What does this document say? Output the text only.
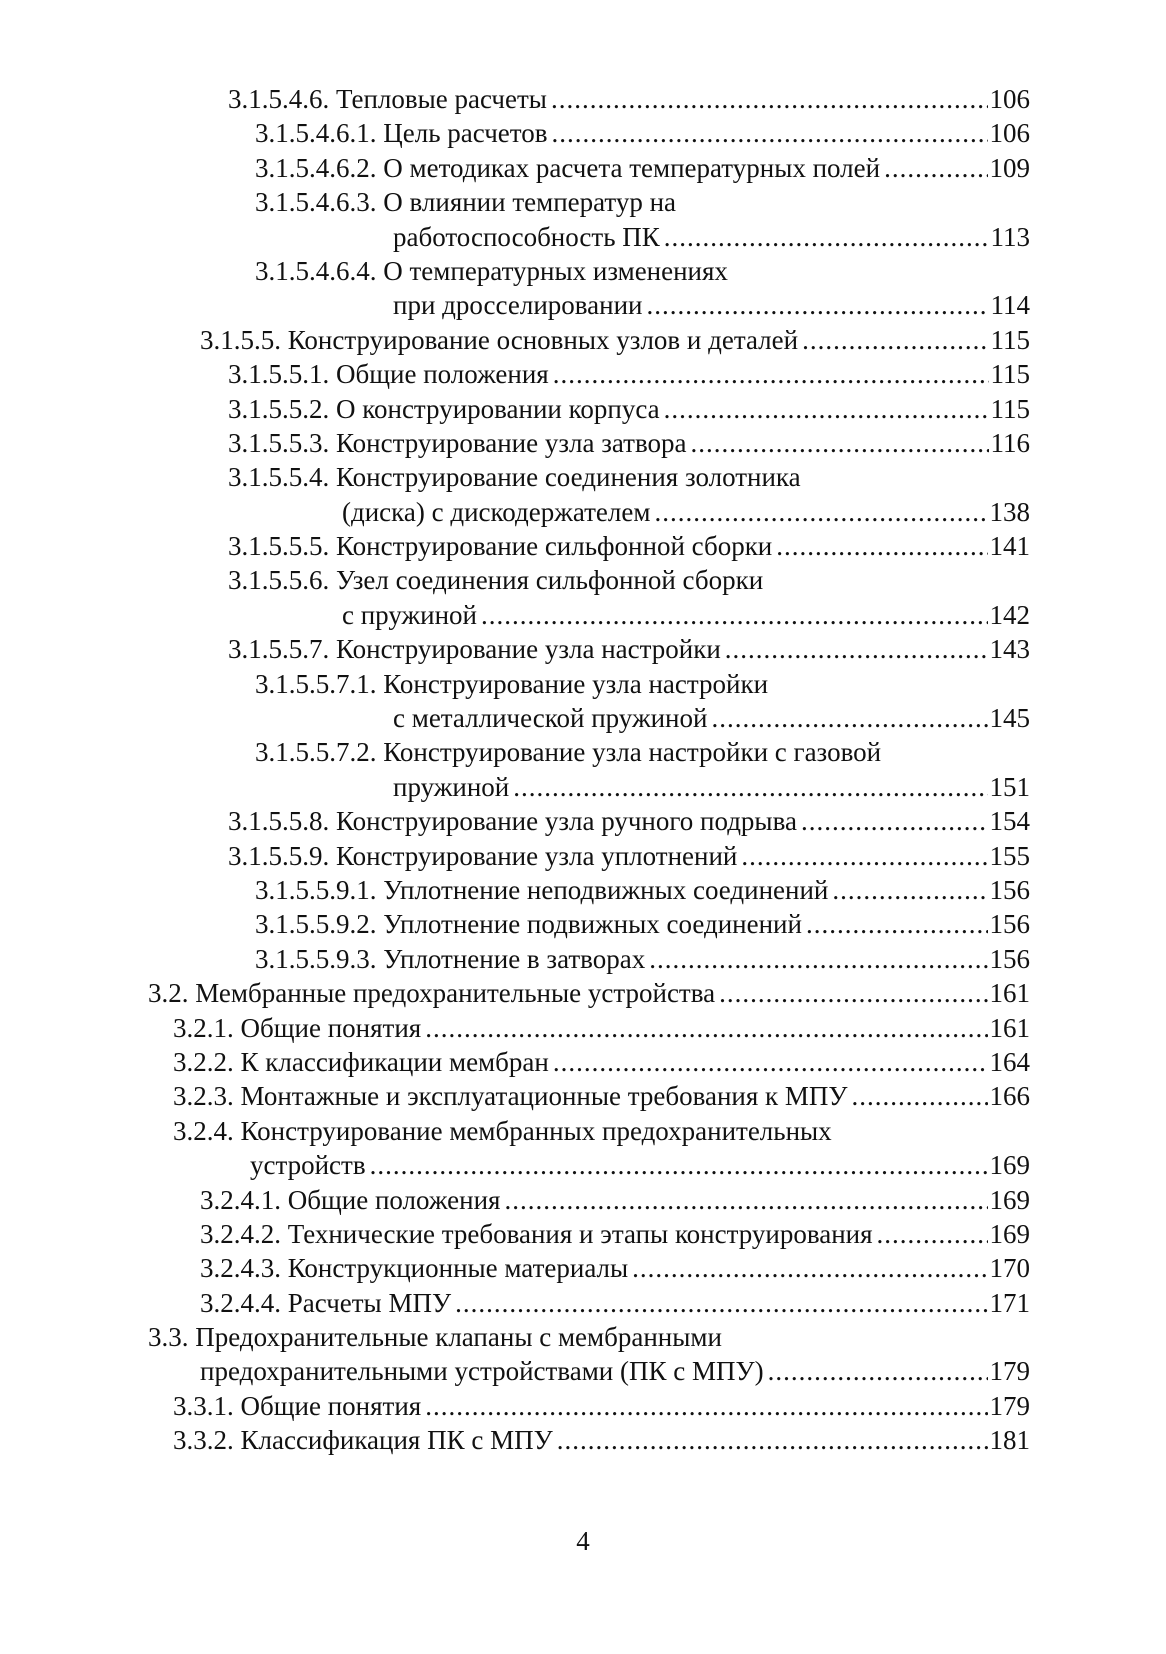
3.1.5.4.6. Тепловые расчеты .....	106
3.1.5.4.6.1. Цель расчетов .....	106
3.1.5.4.6.2. О методиках расчета температурных полей .....	109
3.1.5.4.6.3. О влиянии температур на
работоспособность ПК .....	113
3.1.5.4.6.4. О температурных изменениях
при дросселировании .....	114
3.1.5.5. Конструирование основных узлов и деталей .....	115
3.1.5.5.1. Общие положения .....	115
3.1.5.5.2. О конструировании корпуса .....	115
3.1.5.5.3. Конструирование узла затвора .....	116
3.1.5.5.4. Конструирование соединения золотника
(диска) с дискодержателем .....	138
3.1.5.5.5. Конструирование сильфонной сборки .....	141
3.1.5.5.6. Узел соединения сильфонной сборки
с пружиной .....	142
3.1.5.5.7. Конструирование узла настройки .....	143
3.1.5.5.7.1. Конструирование узла настройки
с металлической пружиной .....	145
3.1.5.5.7.2. Конструирование узла настройки с газовой
пружиной .....	151
3.1.5.5.8. Конструирование узла ручного подрыва .....	154
3.1.5.5.9. Конструирование узла уплотнений .....	155
3.1.5.5.9.1. Уплотнение неподвижных соединений .....	156
3.1.5.5.9.2. Уплотнение подвижных соединений .....	156
3.1.5.5.9.3. Уплотнение в затворах .....	156
3.2. Мембранные предохранительные устройства .....	161
3.2.1. Общие понятия .....	161
3.2.2. К классификации мембран .....	164
3.2.3. Монтажные и эксплуатационные требования к МПУ .....	166
3.2.4. Конструирование мембранных предохранительных
устройств .....	169
3.2.4.1. Общие положения .....	169
3.2.4.2. Технические требования и этапы конструирования .....	169
3.2.4.3. Конструкционные материалы .....	170
3.2.4.4. Расчеты МПУ .....	171
3.3. Предохранительные клапаны с мембранными
предохранительными устройствами (ПК с МПУ) .....	179
3.3.1. Общие понятия .....	179
3.3.2. Классификация ПК с МПУ .....	181
4
